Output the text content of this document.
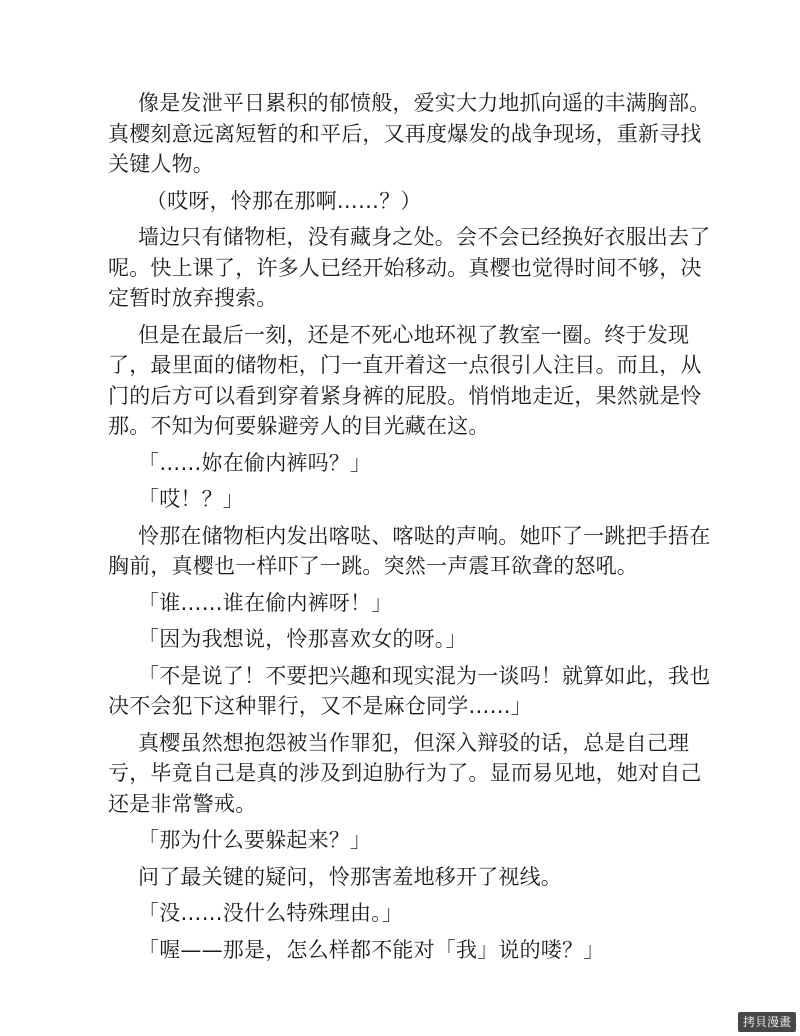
像是发泄平日累积的郁愤般，爱实大力地抓向遥的丰满胸部。真樱刻意远离短暂的和平后，又再度爆发的战争现场，重新寻找关键人物。

（哎呀，怜那在那啊……？）

墙边只有储物柜，没有藏身之处。会不会已经换好衣服出去了呢。快上课了，许多人已经开始移动。真樱也觉得时间不够，决定暂时放弃搜索。

但是在最后一刻，还是不死心地环视了教室一圈。终于发现了，最里面的储物柜，门一直开着这一点很引人注目。而且，从门的后方可以看到穿着紧身裤的屁股。悄悄地走近，果然就是怜那。不知为何要躲避旁人的目光藏在这。

「……妳在偷内裤吗？」

「哎！？」

怜那在储物柜内发出喀哒、喀哒的声响。她吓了一跳把手捂在胸前，真樱也一样吓了一跳。突然一声震耳欲聋的怒吼。

「谁……谁在偷内裤呀！」

「因为我想说，怜那喜欢女的呀。」

「不是说了！不要把兴趣和现实混为一谈吗！就算如此，我也决不会犯下这种罪行，又不是麻仓同学……」

真樱虽然想抱怨被当作罪犯，但深入辩驳的话，总是自己理亏，毕竟自己是真的涉及到迫胁行为了。显而易见地，她对自己还是非常警戒。

「那为什么要躲起来？」

问了最关键的疑问，怜那害羞地移开了视线。

「没……没什么特殊理由。」

「喔——那是，怎么样都不能对「我」说的喽？」

拷貝漫畫
